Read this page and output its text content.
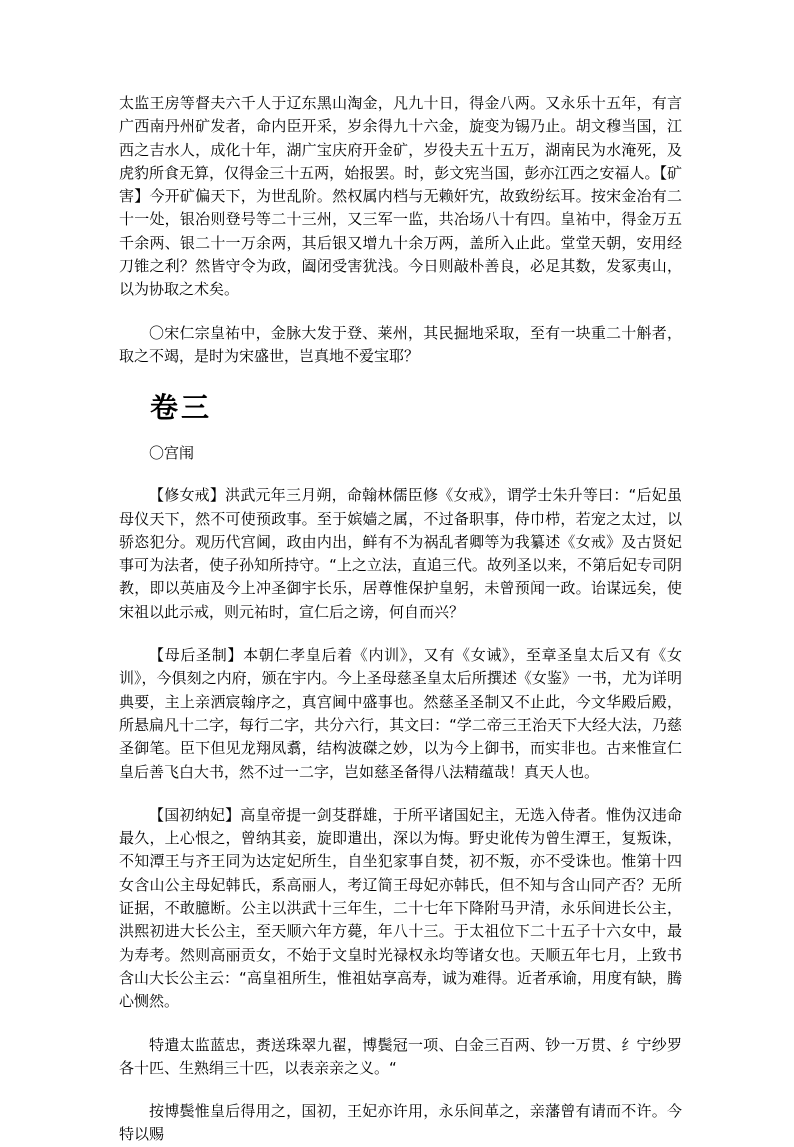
太监王房等督夫六千人于辽东黑山淘金，凡九十日，得金八两。又永乐十五年，有言广西南丹州矿发者，命内臣开采，岁余得九十六金，旋变为锡乃止。胡文穆当国，江西之吉水人，成化十年，湖广宝庆府开金矿，岁役夫五十五万，湖南民为水淹死，及虎豹所食无算，仅得金三十五两，始报罢。时，彭文宪当国，彭亦江西之安福人。【矿害】今开矿偏天下，为世乱阶。然权属内档与无赖奸宄，故致纷纭耳。按宋金冶有二十一处，银冶则登号等二十三州，又三军一监，共冶场八十有四。皇祐中，得金万五千余两、银二十一万余两，其后银又增九十余万两，盖所入止此。堂堂天朝，安用经刀锥之利？然皆守令为政，阖闭受害犹浅。今日则敲朴善良，必足其数，发冢夷山，以为协取之术矣。

〇宋仁宗皇祐中，金脉大发于登、莱州，其民掘地采取，至有一块重二十斛者，取之不竭，是时为宋盛世，岂真地不爱宝耶？

卷三

〇宫闱

【修女戒】洪武元年三月朔，命翰林儒臣修《女戒》，谓学士朱升等曰：“后妃虽母仪天下，然不可使预政事。至于嫔嫱之属，不过备职事，侍巾栉，若宠之太过，以骄恣犯分。观历代宫阃，政由内出，鲜有不为祸乱者卿等为我纂述《女戒》及古贤妃事可为法者，使子孙知所持守。“上之立法，直追三代。故列圣以来，不第后妃专司阴教，即以英庙及今上冲圣御宇长乐，居尊惟保护皇躬，未曾预闻一政。诒谋远矣，使宋祖以此示戒，则元祐时，宣仁后之谤，何自而兴？

【母后圣制】本朝仁孝皇后着《内训》，又有《女诫》，至章圣皇太后又有《女训》，今俱刻之内府，颁在宇内。今上圣母慈圣皇太后所撰述《女鉴》一书，尤为详明典要，主上亲洒宸翰序之，真宫阃中盛事也。然慈圣圣制又不止此，今文华殿后殿，所悬扁凡十二字，每行二字，共分六行，其文曰：“学二帝三王治天下大经大法，乃慈圣御笔。臣下但见龙翔凤翥，结构波磔之妙，以为今上御书，而实非也。古来惟宣仁皇后善飞白大书，然不过一二字，岂如慈圣备得八法精蕴哉！真天人也。

【国初纳妃】高皇帝提一剑芟群雄，于所平诸国妃主，无选入侍者。惟伪汉违命最久，上心恨之，曾纳其妾，旋即遣出，深以为悔。野史讹传为曾生潭王，复叛诛，不知潭王与齐王同为达定妃所生，自坐犯家事自焚，初不叛，亦不受诛也。惟第十四女含山公主母妃韩氏，系高丽人，考辽简王母妃亦韩氏，但不知与含山同产否？无所证据，不敢臆断。公主以洪武十三年生，二十七年下降附马尹清，永乐间进长公主，洪熙初进大长公主，至天顺六年方薨，年八十三。于太祖位下二十五子十六女中，最为寿考。然则高丽贡女，不始于文皇时光禄权永均等诸女也。天顺五年七月，上致书含山大长公主云：“高皇祖所生，惟祖姑享高寿，诚为难得。近者承谕，用度有缺，腾心恻然。

特遣太监蓝忠，赉送珠翠九翟，博鬓冠一项、白金三百两、钞一万贯、纟宁纱罗各十匹、生熟绢三十匹，以表亲亲之义。“

按博鬓惟皇后得用之，国初，王妃亦许用，永乐间革之，亲藩曾有请而不许。今特以赐
